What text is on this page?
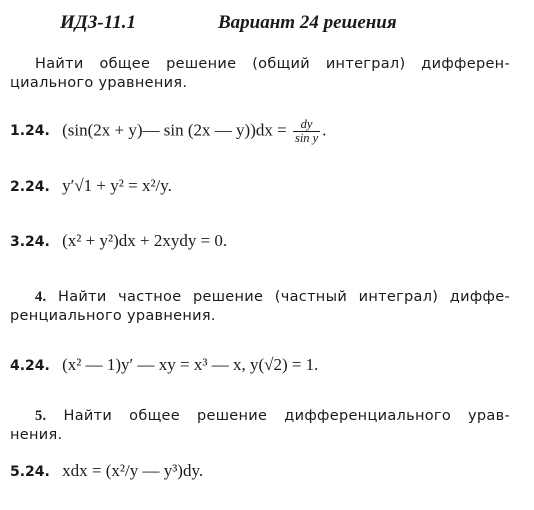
ИДЗ-11.1	Вариант 24 решения
Найти общее решение (общий интеграл) дифферен-
циального уравнения.
1.24. (sin(2x + y)— sin (2x — $y))dx = \frac{dy}{\text{sin y}}$ .
2.24. y′√1 + y² = x²/y.
3.24. (x² + y²)dx + 2xydy = 0.
4. Найти частное решение (частный интеграл) диффе-
ренциального уравнения.
4.24. (x² — 1)y′ — xy = x³ — x, y(√2) = 1.
5. Найти общее решение дифференциального урав-
нения.
5.24. xdx = (x²/y — y³)dy.
